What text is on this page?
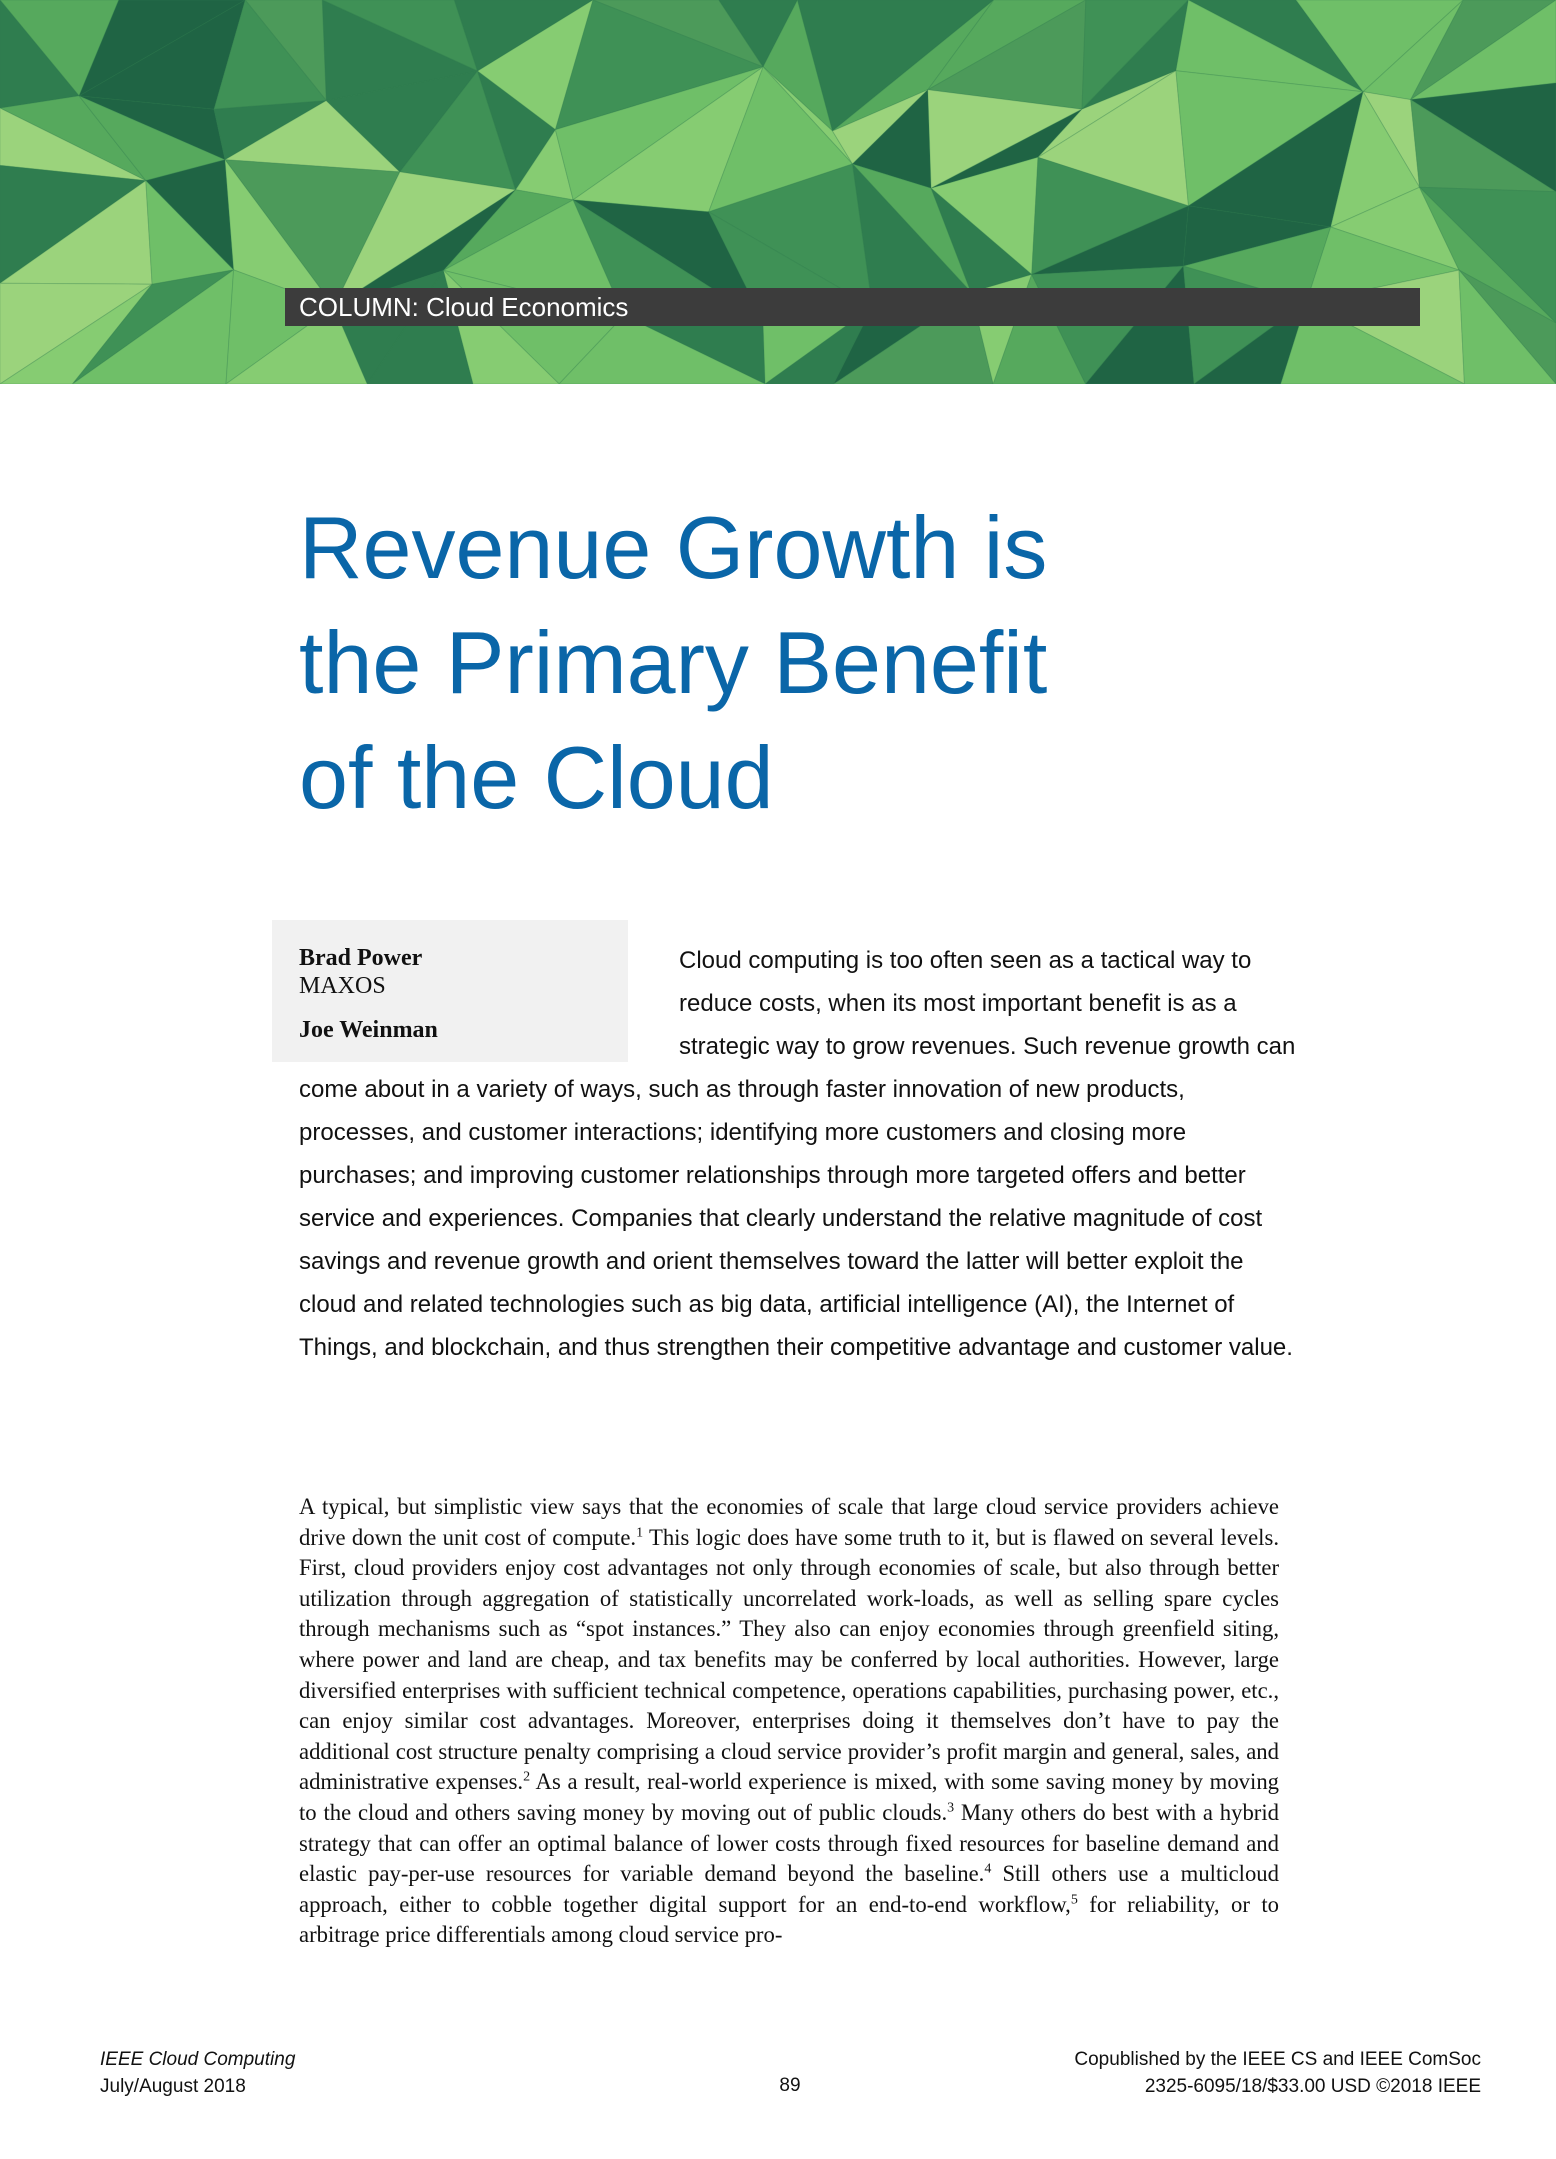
COLUMN: Cloud Economics
Revenue Growth is
the Primary Benefit
of the Cloud
Brad Power
MAXOS
Joe Weinman
Cloud computing is too often seen as a tactical way to reduce costs, when its most important benefit is as a strategic way to grow revenues. Such revenue growth can come about in a variety of ways, such as through faster innovation of new products, processes, and customer interactions; identifying more customers and closing more purchases; and improving customer relationships through more targeted offers and better service and experiences. Companies that clearly understand the relative magnitude of cost savings and revenue growth and orient themselves toward the latter will better exploit the cloud and related technologies such as big data, artificial intelligence (AI), the Internet of Things, and blockchain, and thus strengthen their competitive advantage and customer value.

A typical, but simplistic view says that the economies of scale that large cloud service providers achieve drive down the unit cost of compute.$^1$ This logic does have some truth to it, but is flawed on several levels. First, cloud providers enjoy cost advantages not only through economies of scale, but also through better utilization through aggregation of statistically uncorrelated work-loads, as well as selling spare cycles through mechanisms such as “spot instances.” They also can enjoy economies through greenfield siting, where power and land are cheap, and tax benefits may be conferred by local authorities. However, large diversified enterprises with sufficient technical competence, operations capabilities, purchasing power, etc., can enjoy similar cost advantages. Moreover, enterprises doing it themselves don’t have to pay the additional cost structure penalty comprising a cloud service provider’s profit margin and general, sales, and administrative expenses.$^2$ As a result, real-world experience is mixed, with some saving money by moving to the cloud and others saving money by moving out of public clouds.$^3$ Many others do best with a hybrid strategy that can offer an optimal balance of lower costs through fixed resources for baseline demand and elastic pay-per-use resources for variable demand beyond the baseline.$^4$ Still others use a multicloud approach, either to cobble together digital support for an end-to-end workflow,$^5$ for reliability, or to arbitrage price differentials among cloud service pro-

IEEE Cloud Computing
July/August 2018	89
Copublished by the IEEE CS and IEEE ComSoc
2325-6095/18/$33.00 USD ©2018 IEEE
